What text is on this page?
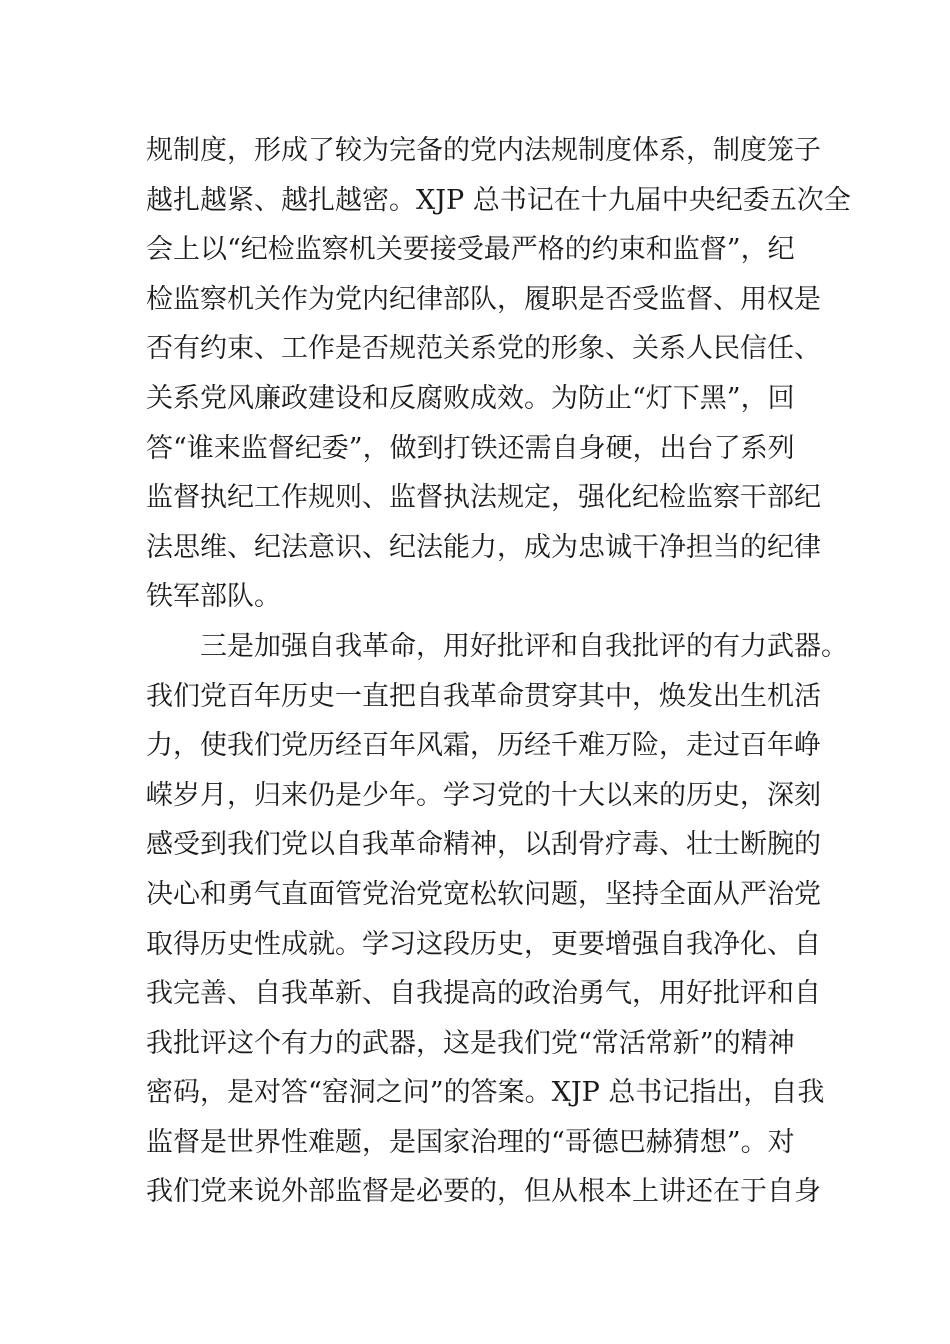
规制度，形成了较为完备的党内法规制度体系，制度笼子
越扎越紧、越扎越密。XJP 总书记在十九届中央纪委五次全
会上以“纪检监察机关要接受最严格的约束和监督”，纪
检监察机关作为党内纪律部队，履职是否受监督、用权是
否有约束、工作是否规范关系党的形象、关系人民信任、
关系党风廉政建设和反腐败成效。为防止“灯下黑”，回
答“谁来监督纪委”，做到打铁还需自身硬，出台了系列
监督执纪工作规则、监督执法规定，强化纪检监察干部纪
法思维、纪法意识、纪法能力，成为忠诚干净担当的纪律
铁军部队。
三是加强自我革命，用好批评和自我批评的有力武器。
我们党百年历史一直把自我革命贯穿其中，焕发出生机活
力，使我们党历经百年风霜，历经千难万险，走过百年峥
嵘岁月，归来仍是少年。学习党的十大以来的历史，深刻
感受到我们党以自我革命精神，以刮骨疗毒、壮士断腕的
决心和勇气直面管党治党宽松软问题，坚持全面从严治党
取得历史性成就。学习这段历史，更要增强自我净化、自
我完善、自我革新、自我提高的政治勇气，用好批评和自
我批评这个有力的武器，这是我们党“常活常新”的精神
密码，是对答“窑洞之问”的答案。XJP 总书记指出，自我
监督是世界性难题，是国家治理的“哥德巴赫猜想”。对
我们党来说外部监督是必要的，但从根本上讲还在于自身
